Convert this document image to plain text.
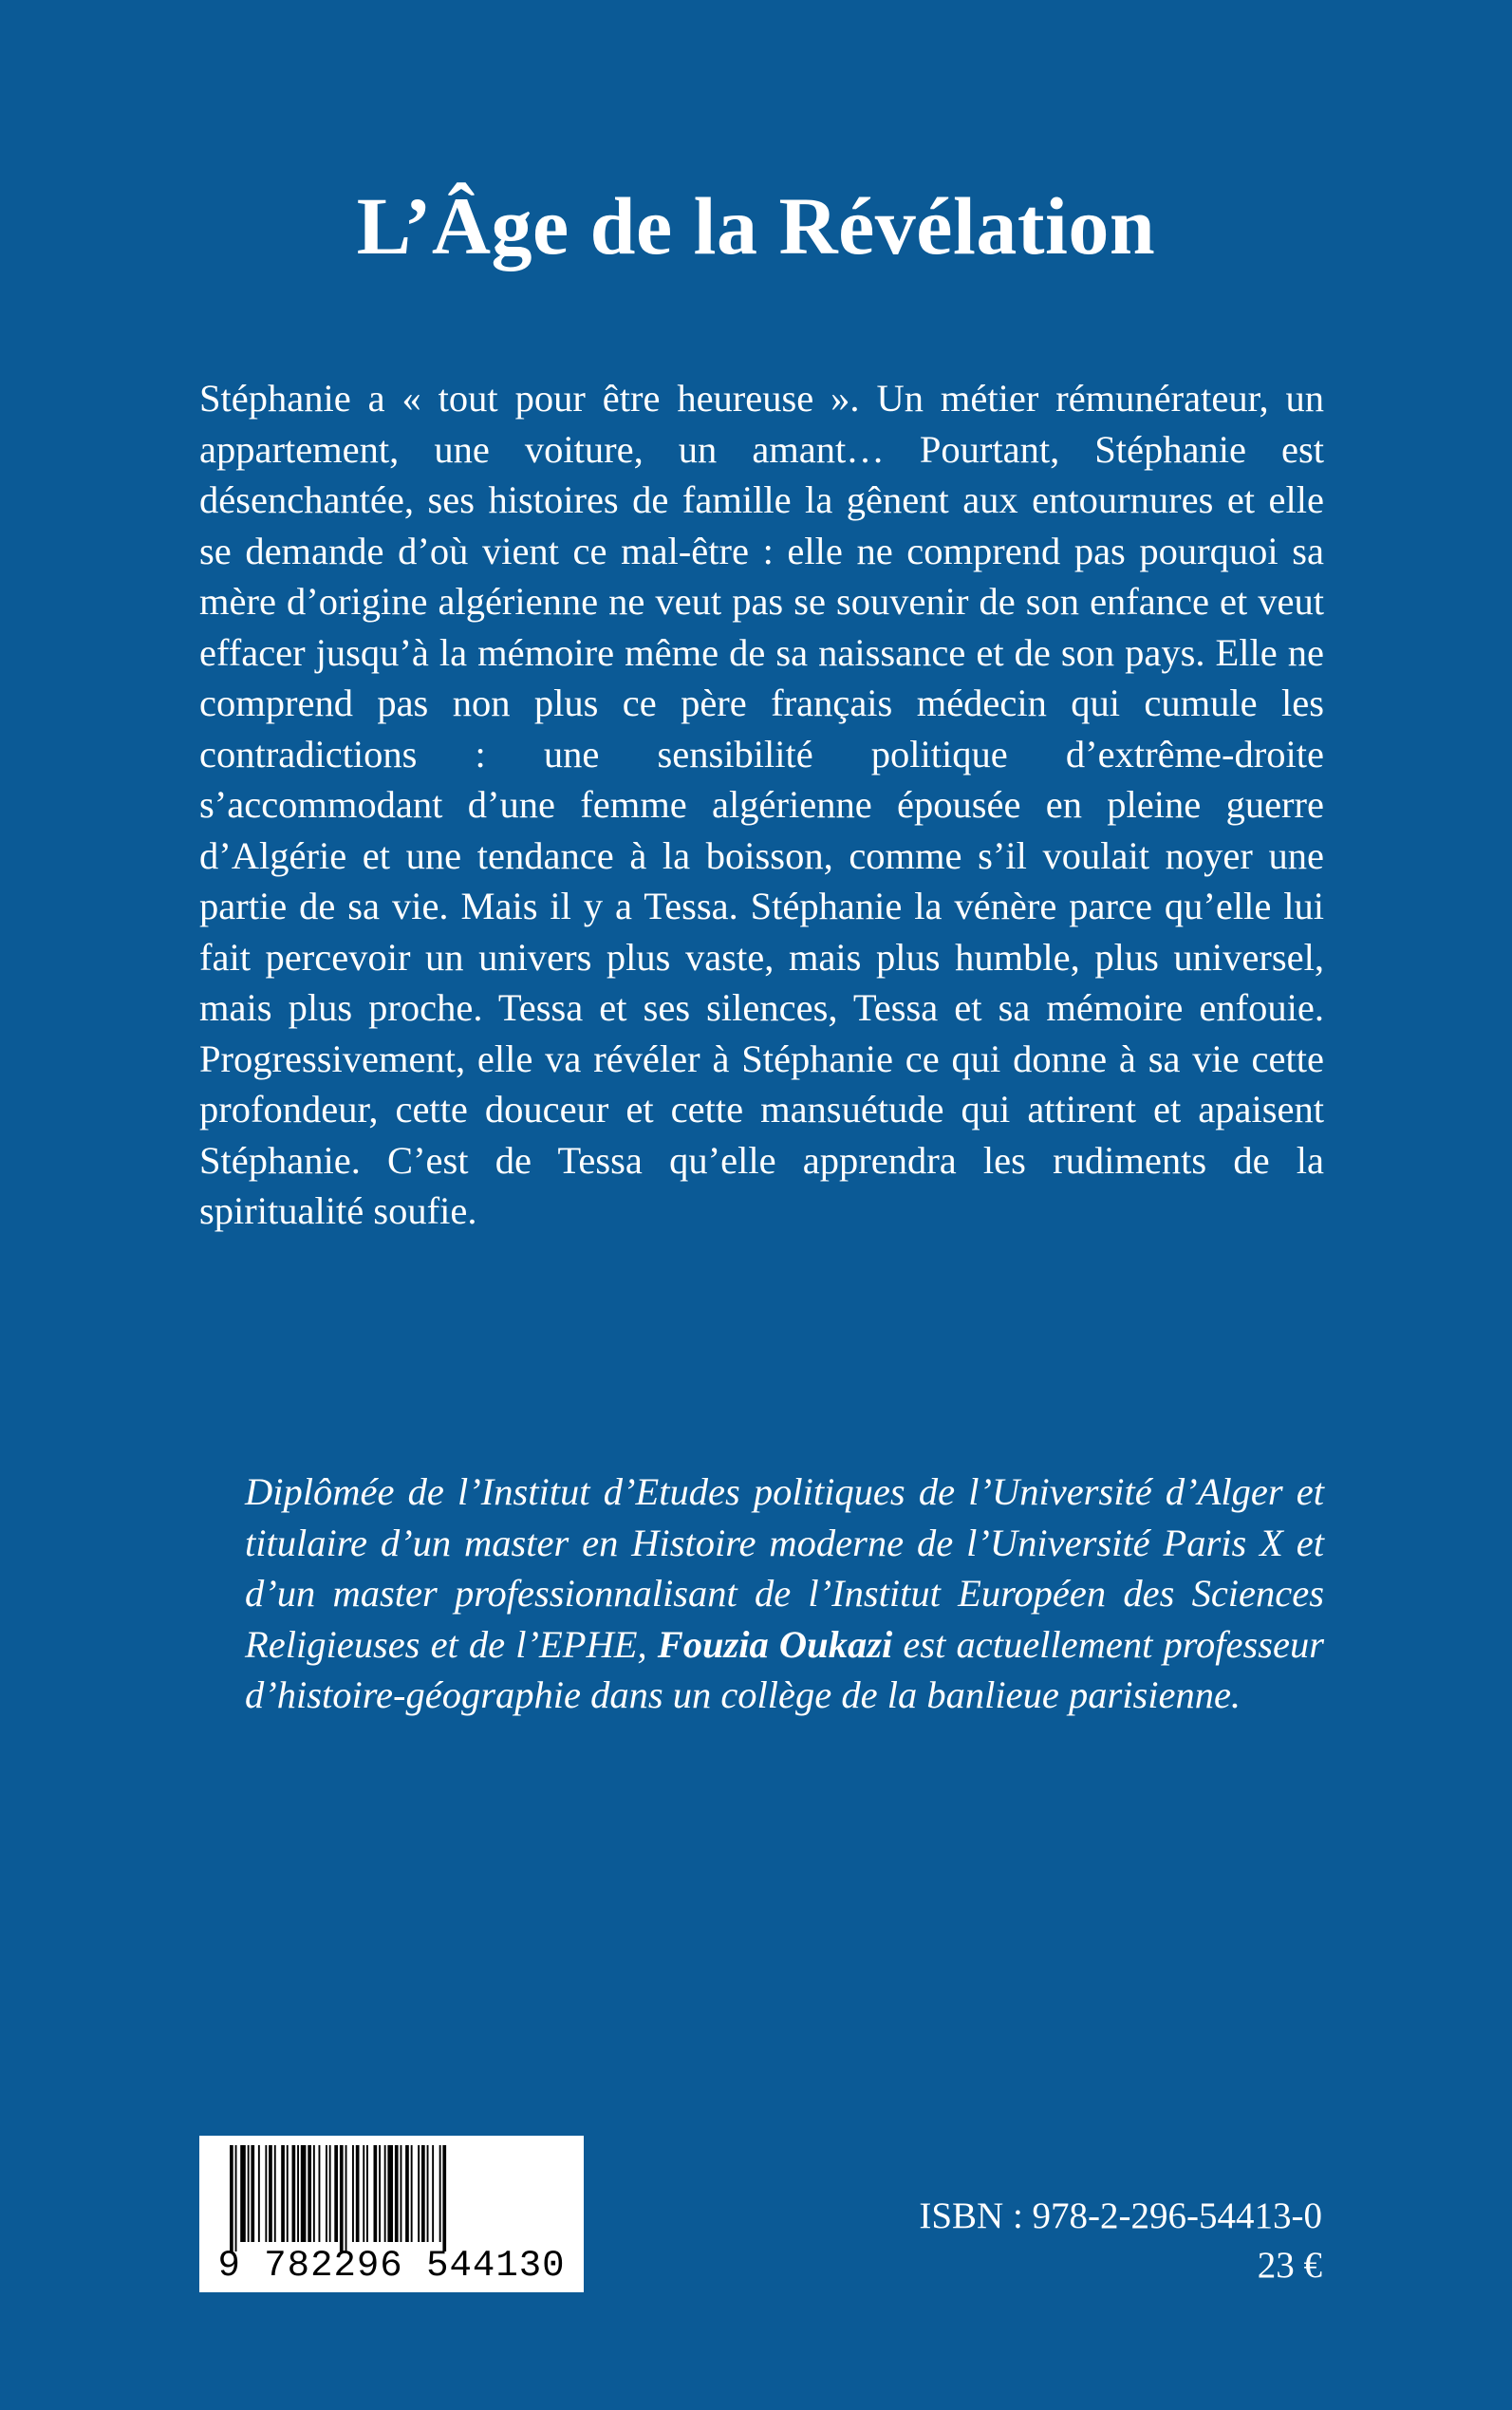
L’Âge de la Révélation

Stéphanie a « tout pour être heureuse ». Un métier rémunérateur, un appartement, une voiture, un amant… Pourtant, Stéphanie est désenchantée, ses histoires de famille la gênent aux entournures et elle se demande d’où vient ce mal-être : elle ne comprend pas pourquoi sa mère d’origine algérienne ne veut pas se souvenir de son enfance et veut effacer jusqu’à la mémoire même de sa naissance et de son pays. Elle ne comprend pas non plus ce père français médecin qui cumule les contradictions : une sensibilité politique d’extrême-droite s’accommodant d’une femme algérienne épousée en pleine guerre d’Algérie et une tendance à la boisson, comme s’il voulait noyer une partie de sa vie. Mais il y a Tessa. Stéphanie la vénère parce qu’elle lui fait percevoir un univers plus vaste, mais plus humble, plus universel, mais plus proche. Tessa et ses silences, Tessa et sa mémoire enfouie. Progressivement, elle va révéler à Stéphanie ce qui donne à sa vie cette profondeur, cette douceur et cette mansuétude qui attirent et apaisent Stéphanie. C’est de Tessa qu’elle apprendra les rudiments de la spiritualité soufie.

Diplômée de l’Institut d’Etudes politiques de l’Université d’Alger et titulaire d’un master en Histoire moderne de l’Université Paris X et d’un master professionnalisant de l’Institut Européen des Sciences Religieuses et de l’EPHE, Fouzia Oukazi est actuellement professeur d’histoire-géographie dans un collège de la banlieue parisienne.

9 782296 544130
ISBN : 978-2-296-54413-0
23 €
